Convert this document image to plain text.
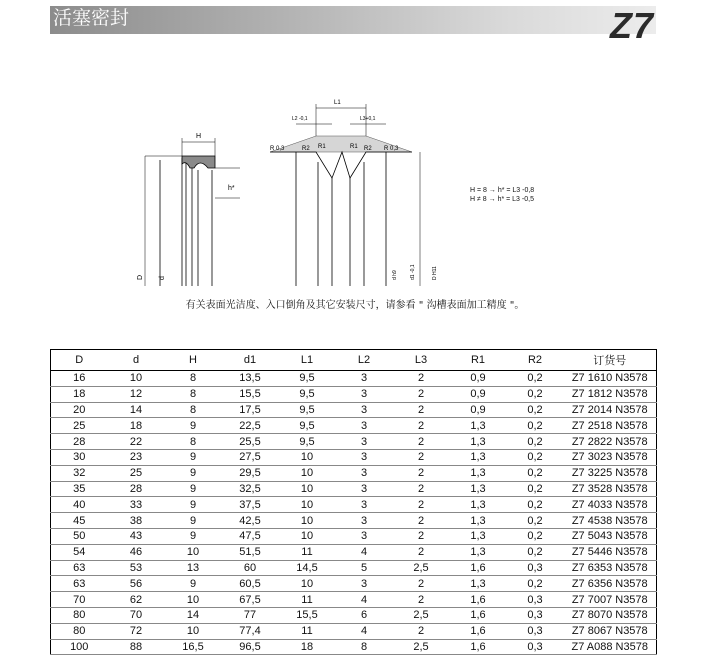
活塞密封	Z7
H
h*
D d
L1
L2 -0,1	L3+0,1
R1	R1
R2	R2
R 0,3	R 0,3
d h9 d1 -0,1	D H11
H = 8 → h* = L3 -0,8
H ≠ 8 → h* = L3 -0,5
有关表面光洁度、入口倒角及其它安装尺寸，请参看 " 沟槽表面加工精度 "。
D	d	H	d1	L1	L2	L3	R1	R2	订货号
16	10	8	13,5	9,5	3	2	0,9	0,2	Z7 1610 N3578
18	12	8	15,5	9,5	3	2	0,9	0,2	Z7 1812 N3578
20	14	8	17,5	9,5	3	2	0,9	0,2	Z7 2014 N3578
25	18	9	22,5	9,5	3	2	1,3	0,2	Z7 2518 N3578
28	22	8	25,5	9,5	3	2	1,3	0,2	Z7 2822 N3578
30	23	9	27,5	10	3	2	1,3	0,2	Z7 3023 N3578
32	25	9	29,5	10	3	2	1,3	0,2	Z7 3225 N3578
35	28	9	32,5	10	3	2	1,3	0,2	Z7 3528 N3578
40	33	9	37,5	10	3	2	1,3	0,2	Z7 4033 N3578
45	38	9	42,5	10	3	2	1,3	0,2	Z7 4538 N3578
50	43	9	47,5	10	3	2	1,3	0,2	Z7 5043 N3578
54	46	10	51,5	11	4	2	1,3	0,2	Z7 5446 N3578
63	53	13	60	14,5	5	2,5	1,6	0,3	Z7 6353 N3578
63	56	9	60,5	10	3	2	1,3	0,2	Z7 6356 N3578
70	62	10	67,5	11	4	2	1,6	0,3	Z7 7007 N3578
80	70	14	77	15,5	6	2,5	1,6	0,3	Z7 8070 N3578
80	72	10	77,4	11	4	2	1,6	0,3	Z7 8067 N3578
100	88	16,5	96,5	18	8	2,5	1,6	0,3	Z7 A088 N3578
